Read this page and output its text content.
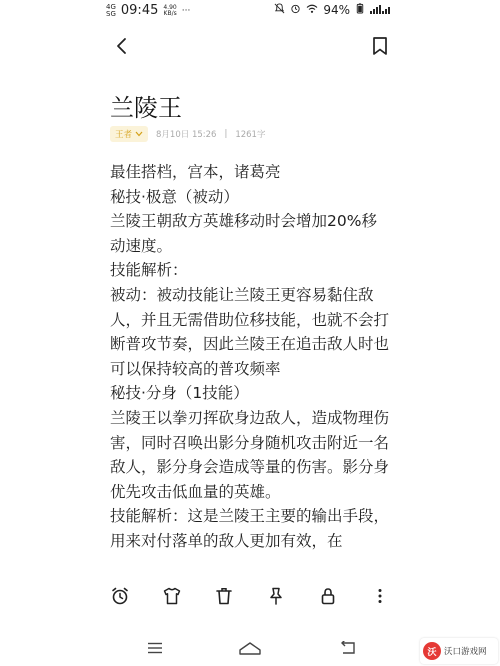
4G
SG 09:45 4.90
KB/s ···	94%
兰陵王
王者	8月10日 15:26 | 1261字

最佳搭档，宫本，诸葛亮

秘技·极意（被动）

兰陵王朝敌方英雄移动时会增加20%移动速度。

技能解析：

被动：被动技能让兰陵王更容易黏住敌人，并且无需借助位移技能，也就不会打断普攻节奏，因此兰陵王在追击敌人时也可以保持较高的普攻频率

秘技·分身（1技能）

兰陵王以拳刃挥砍身边敌人，造成物理伤害，同时召唤出影分身随机攻击附近一名敌人，影分身会造成等量的伤害。影分身优先攻击低血量的英雄。

技能解析：这是兰陵王主要的输出手段，用来对付落单的敌人更加有效，在

沃 沃口游戏网
